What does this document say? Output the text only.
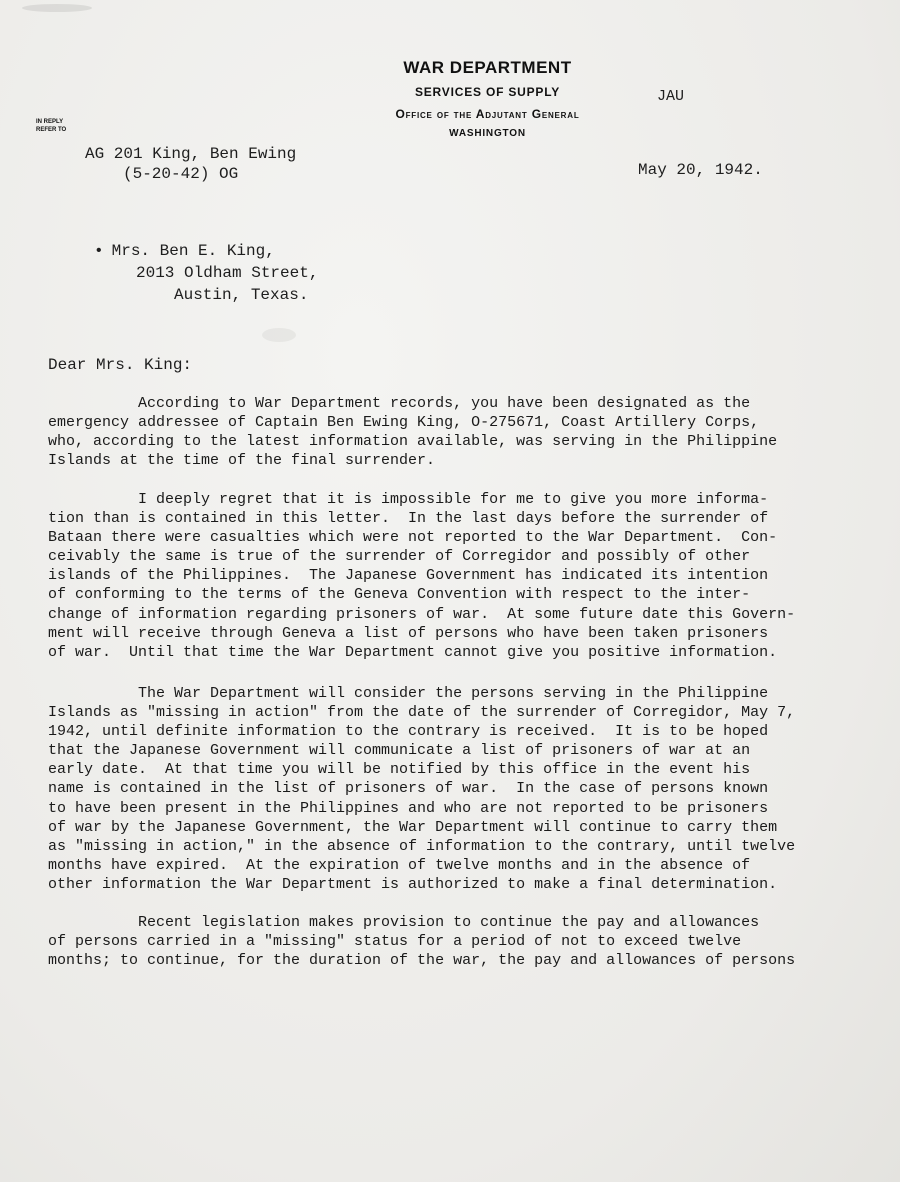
WAR DEPARTMENT
SERVICES OF SUPPLY
Office of the Adjutant General
WASHINGTON
JAU
IN REPLY
REFER TO
AG 201 King, Ben Ewing
(5-20-42) OG	May 20, 1942.
• Mrs. Ben E. King,
2013 Oldham Street,
Austin, Texas.
Dear Mrs. King:
According to War Department records, you have been designated as the
emergency addressee of Captain Ben Ewing King, O-275671, Coast Artillery Corps,
who, according to the latest information available, was serving in the Philippine
Islands at the time of the final surrender.
I deeply regret that it is impossible for me to give you more informa-
tion than is contained in this letter.  In the last days before the surrender of
Bataan there were casualties which were not reported to the War Department.  Con-
ceivably the same is true of the surrender of Corregidor and possibly of other
islands of the Philippines.  The Japanese Government has indicated its intention
of conforming to the terms of the Geneva Convention with respect to the inter-
change of information regarding prisoners of war.  At some future date this Govern-
ment will receive through Geneva a list of persons who have been taken prisoners
of war.  Until that time the War Department cannot give you positive information.
The War Department will consider the persons serving in the Philippine
Islands as "missing in action" from the date of the surrender of Corregidor, May 7,
1942, until definite information to the contrary is received.  It is to be hoped
that the Japanese Government will communicate a list of prisoners of war at an
early date.  At that time you will be notified by this office in the event his
name is contained in the list of prisoners of war.  In the case of persons known
to have been present in the Philippines and who are not reported to be prisoners
of war by the Japanese Government, the War Department will continue to carry them
as "missing in action," in the absence of information to the contrary, until twelve
months have expired.  At the expiration of twelve months and in the absence of
other information the War Department is authorized to make a final determination.
Recent legislation makes provision to continue the pay and allowances
of persons carried in a "missing" status for a period of not to exceed twelve
months; to continue, for the duration of the war, the pay and allowances of persons
